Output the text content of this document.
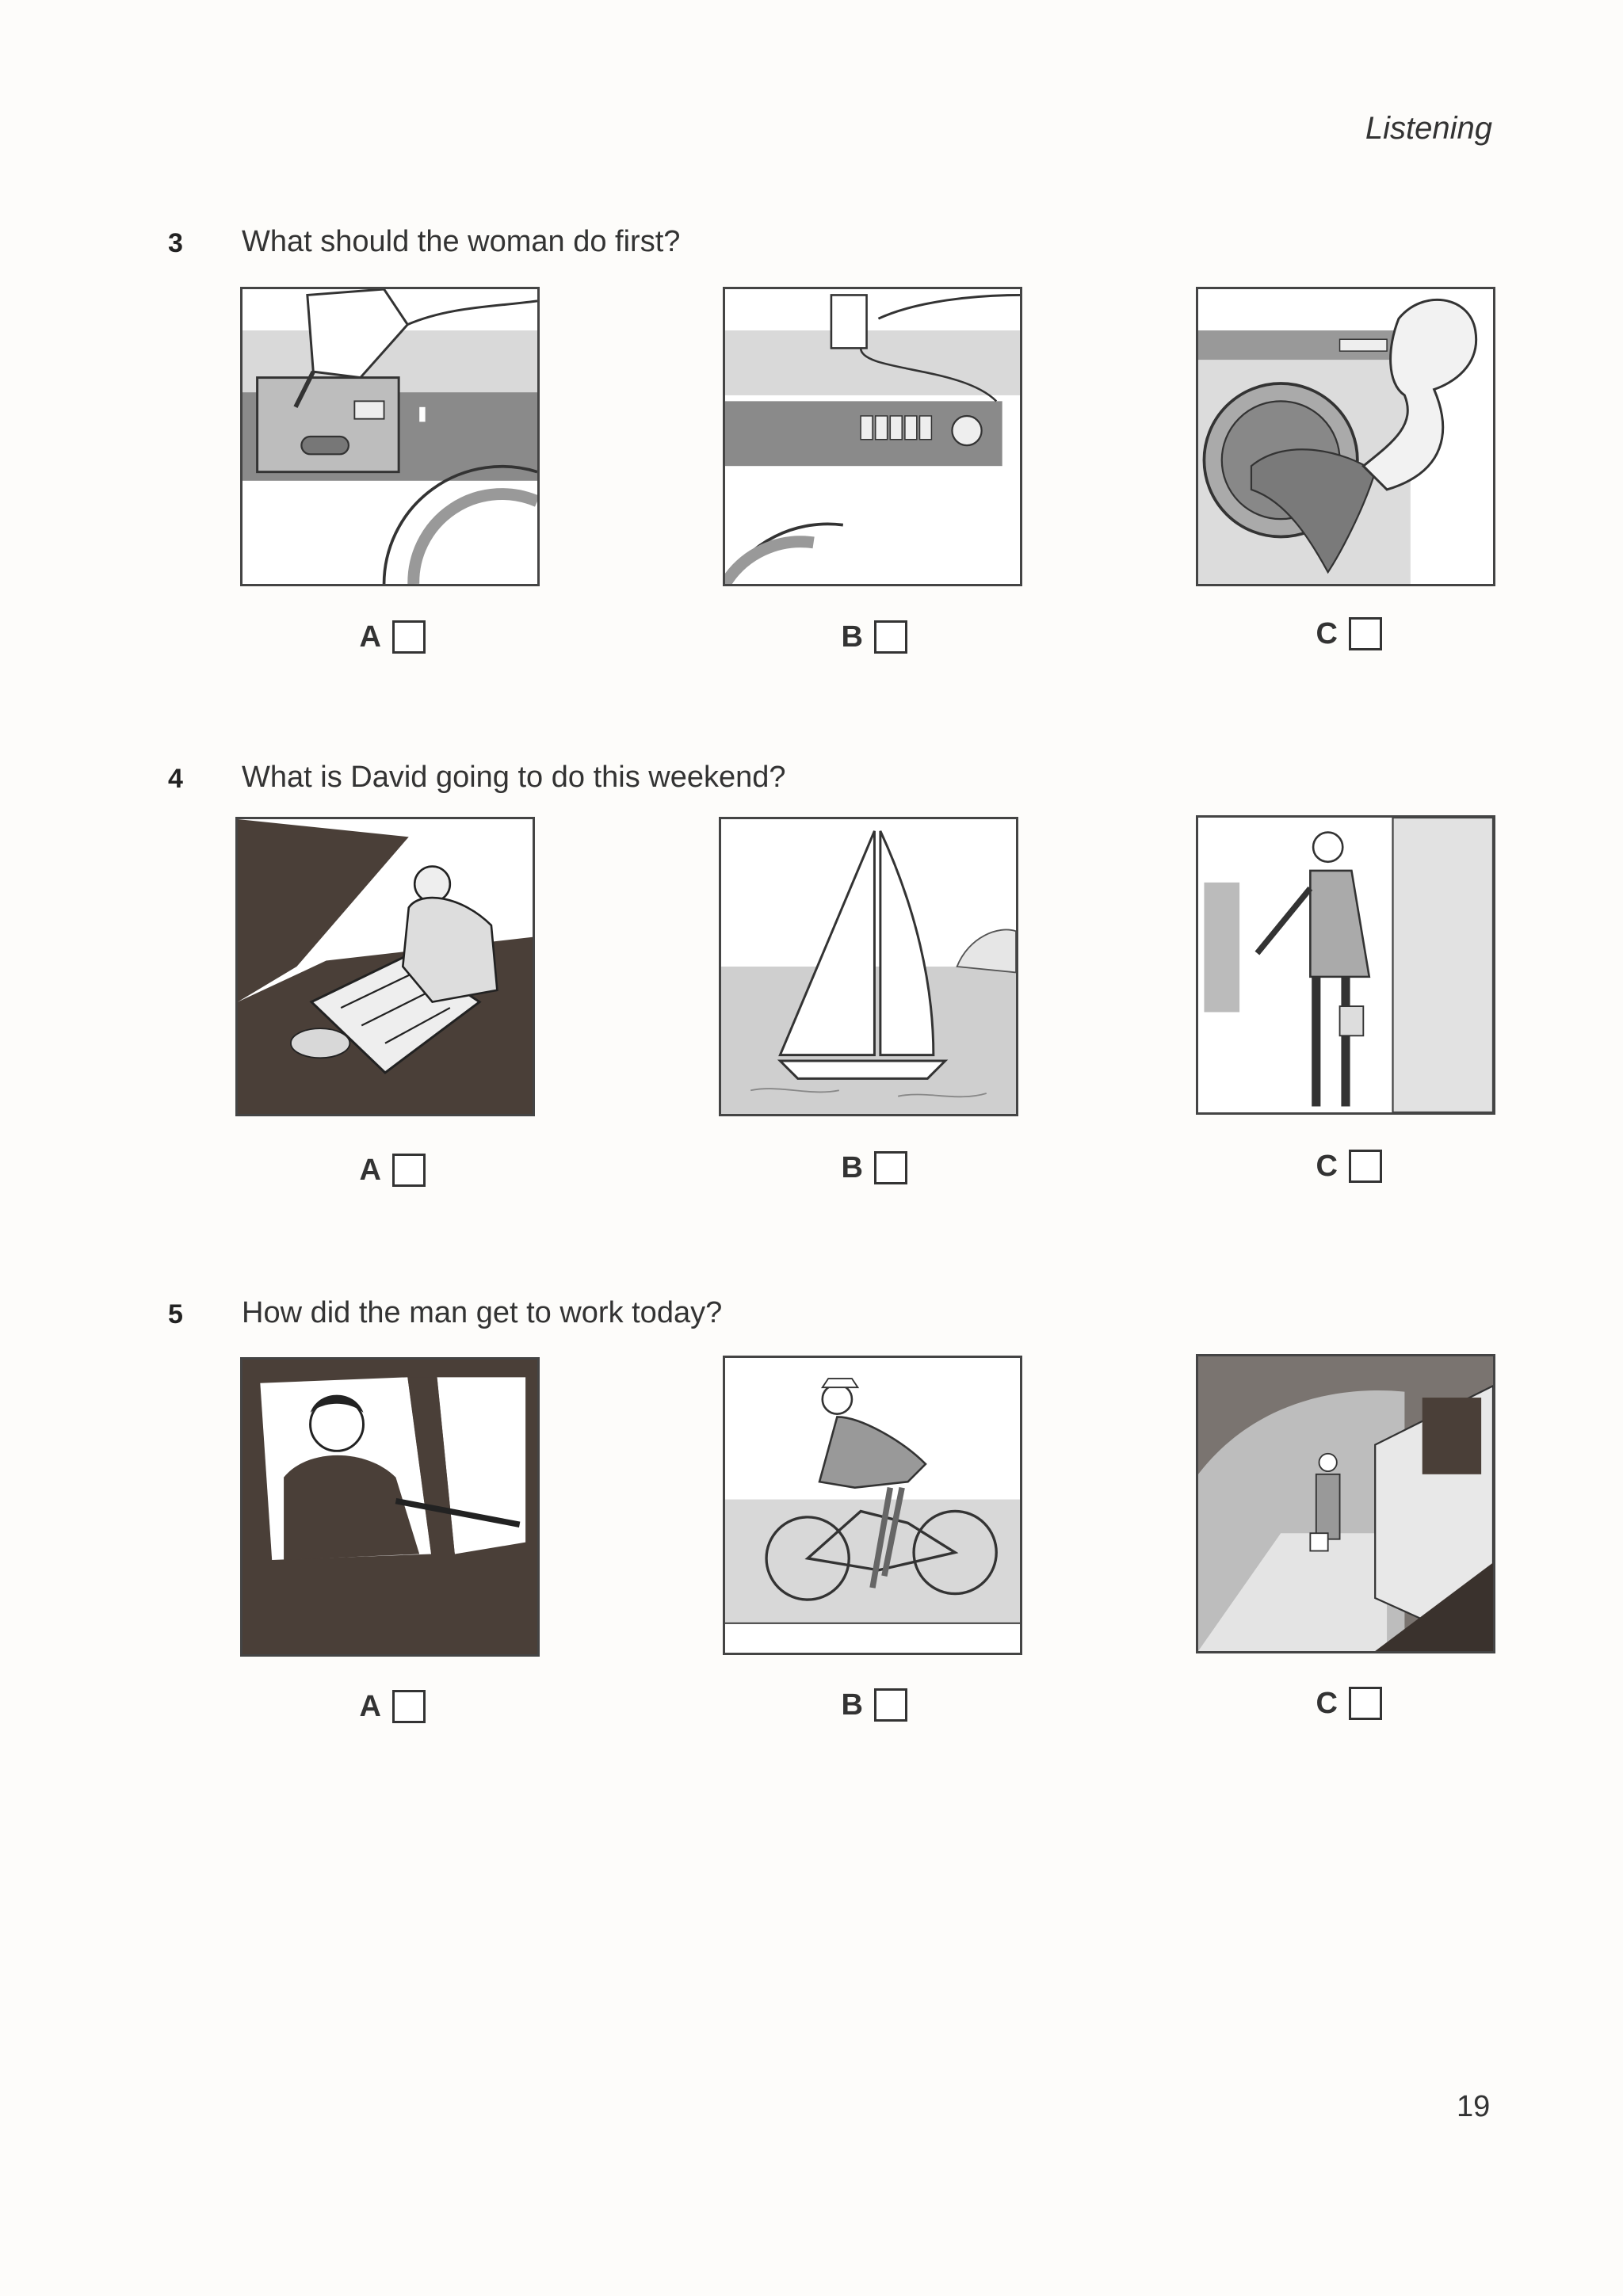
Listening
3 What should the woman do first?
A	B	C
4 What is David going to do this weekend?
A	B	C
5 How did the man get to work today?
A	B	C
19
